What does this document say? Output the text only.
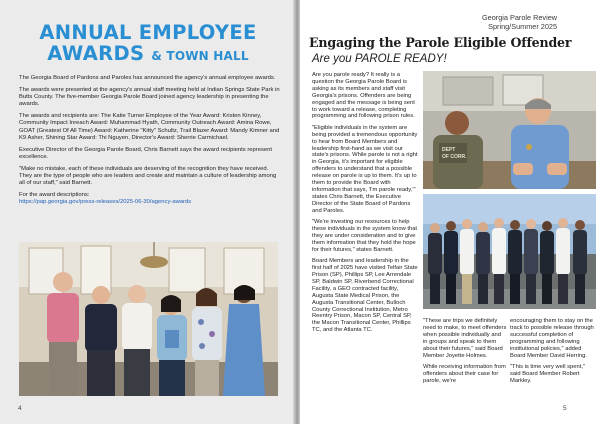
ANNUAL EMPLOYEE
AWARDS & TOWN HALL

The Georgia Board of Pardons and Paroles has announced the agency's annual employee awards.

The awards were presented at the agency's annual staff meeting held at Indian Springs State Park in Butts County. The five-member Georgia Parole Board joined agency leadership in presenting the awards.

The awards and recipients are: The Katie Turner Employee of the Year Award: Kristen Kinney, Community Impact Inreach Award: Muhammad Hyath, Community Outreach Award: Amina Rowe, GOAT (Greatest Of All Time) Award: Katherine "Kitty" Schultz, Trail Blazer Award: Mandy Kimner and K9 Asher, Shining Star Award: Thi Nguyen, Director's Award: Sherrie Carmichael.

Executive Director of the Georgia Parole Board, Chris Barnett says the award recipients represent excellence.

"Make no mistake, each of these individuals are deserving of the recognition they have received. They are the type of people who are leaders and create and maintain a culture of leadership among all of our staff," said Barnett.

For the award descriptions:

https://pap.georgia.gov/press-releases/2025-06-30/agency-awards
4
Georgia Parole Review
Spring/Summer 2025
Engaging the Parole Eligible Offender
Are you PAROLE READY!

Are you parole ready? It really is a question the Georgia Parole Board is asking as its members and staff visit Georgia's prisons. Offenders are being engaged and the message is being sent to work toward a release, completing programming and following prison rules.

"Eligible individuals in the system are being provided a tremendous opportunity to hear from Board Members and leadership first-hand as we visit our state's prisons. While parole is not a right in Georgia, it's important for eligible offenders to understand that a possible release on parole is up to them. It's up to them to provide the Board with information that says, 'I'm parole ready,'" states Chris Barnett, the Executive Director of the State Board of Pardons and Paroles.

"We're investing our resources to help these individuals in the system know that they are under consideration and to give them information that they hold the hope for their futures," states Barnett.

Board Members and leadership in the first half of 2025 have visited Telfair State Prison (SP), Phillips SP, Lee Arrendale SP, Baldwin SP, Riverbend Correctional Facility, a GEO contracted facility, Augusta State Medical Prison, the Augusta Transitional Center, Bulloch County Correctional Institution, Metro Reentry Prison, Macon SP, Central SP, the Macon Transitional Center, Phillips TC, and the Atlanta TC.

"These are trips we definitely need to make, to meet offenders when possible individually and in groups and speak to them about their futures," said Board Member Joyette Holmes.

While receiving information from offenders about their case for parole, we're

encouraging them to stay on the track to possible release through successful completion of programming and following institutional policies," added Board Member David Herring.

"This is time very well spent," said Board Member Robert Markley.

DEPT
OF CORR.
5
